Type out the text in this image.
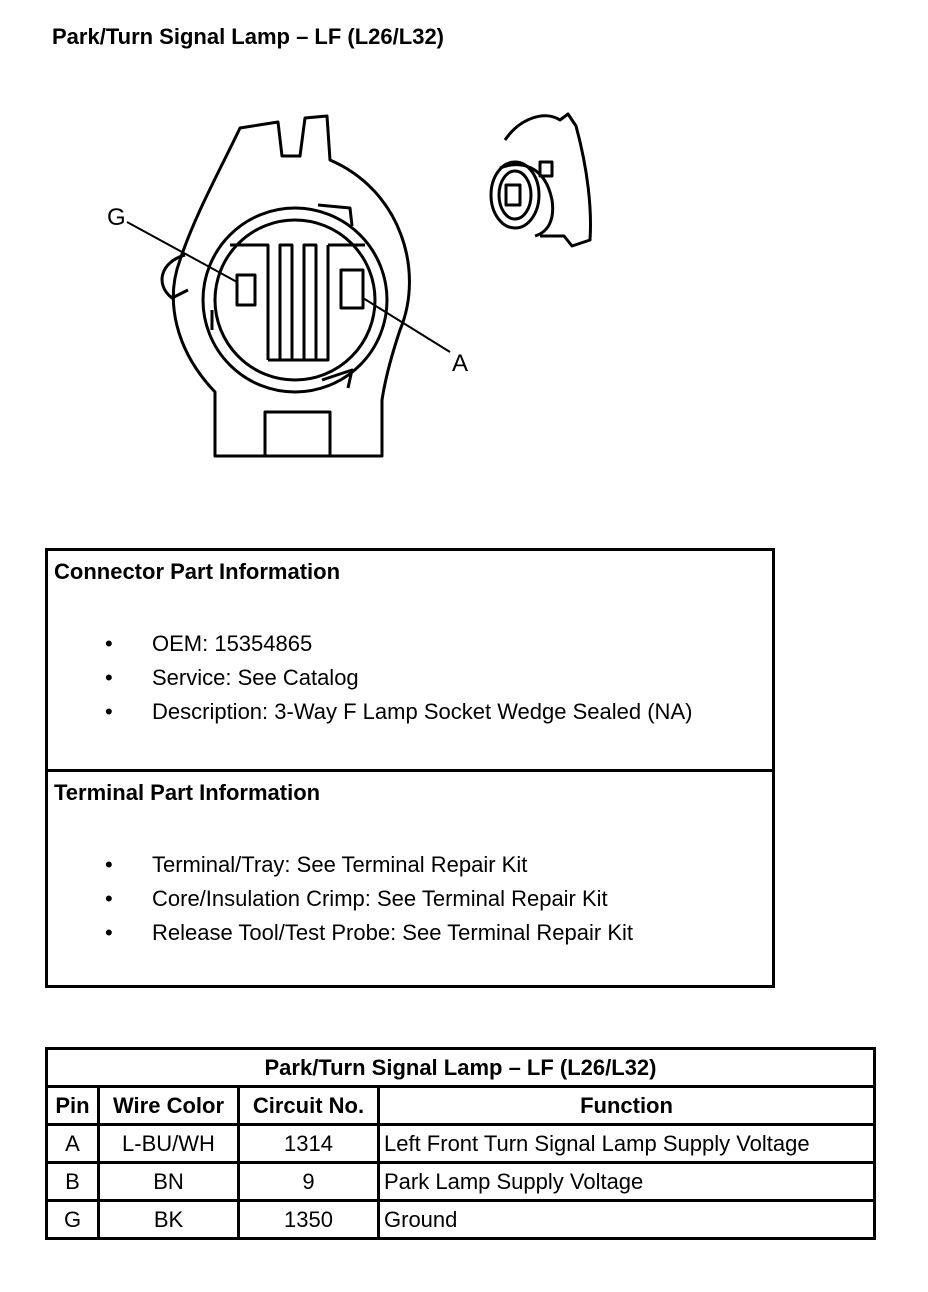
Park/Turn Signal Lamp – LF (L26/L32)
G
A
Connector Part Information
• OEM: 15354865
• Service: See Catalog
• Description: 3-Way F Lamp Socket Wedge Sealed (NA)
Terminal Part Information
• Terminal/Tray: See Terminal Repair Kit
• Core/Insulation Crimp: See Terminal Repair Kit
• Release Tool/Test Probe: See Terminal Repair Kit
Park/Turn Signal Lamp – LF (L26/L32)			
Pin	Wire Color	Circuit No.	Function
A	L-BU/WH	1314	Left Front Turn Signal Lamp Supply Voltage
B	BN	9	Park Lamp Supply Voltage
G	BK	1350	Ground
